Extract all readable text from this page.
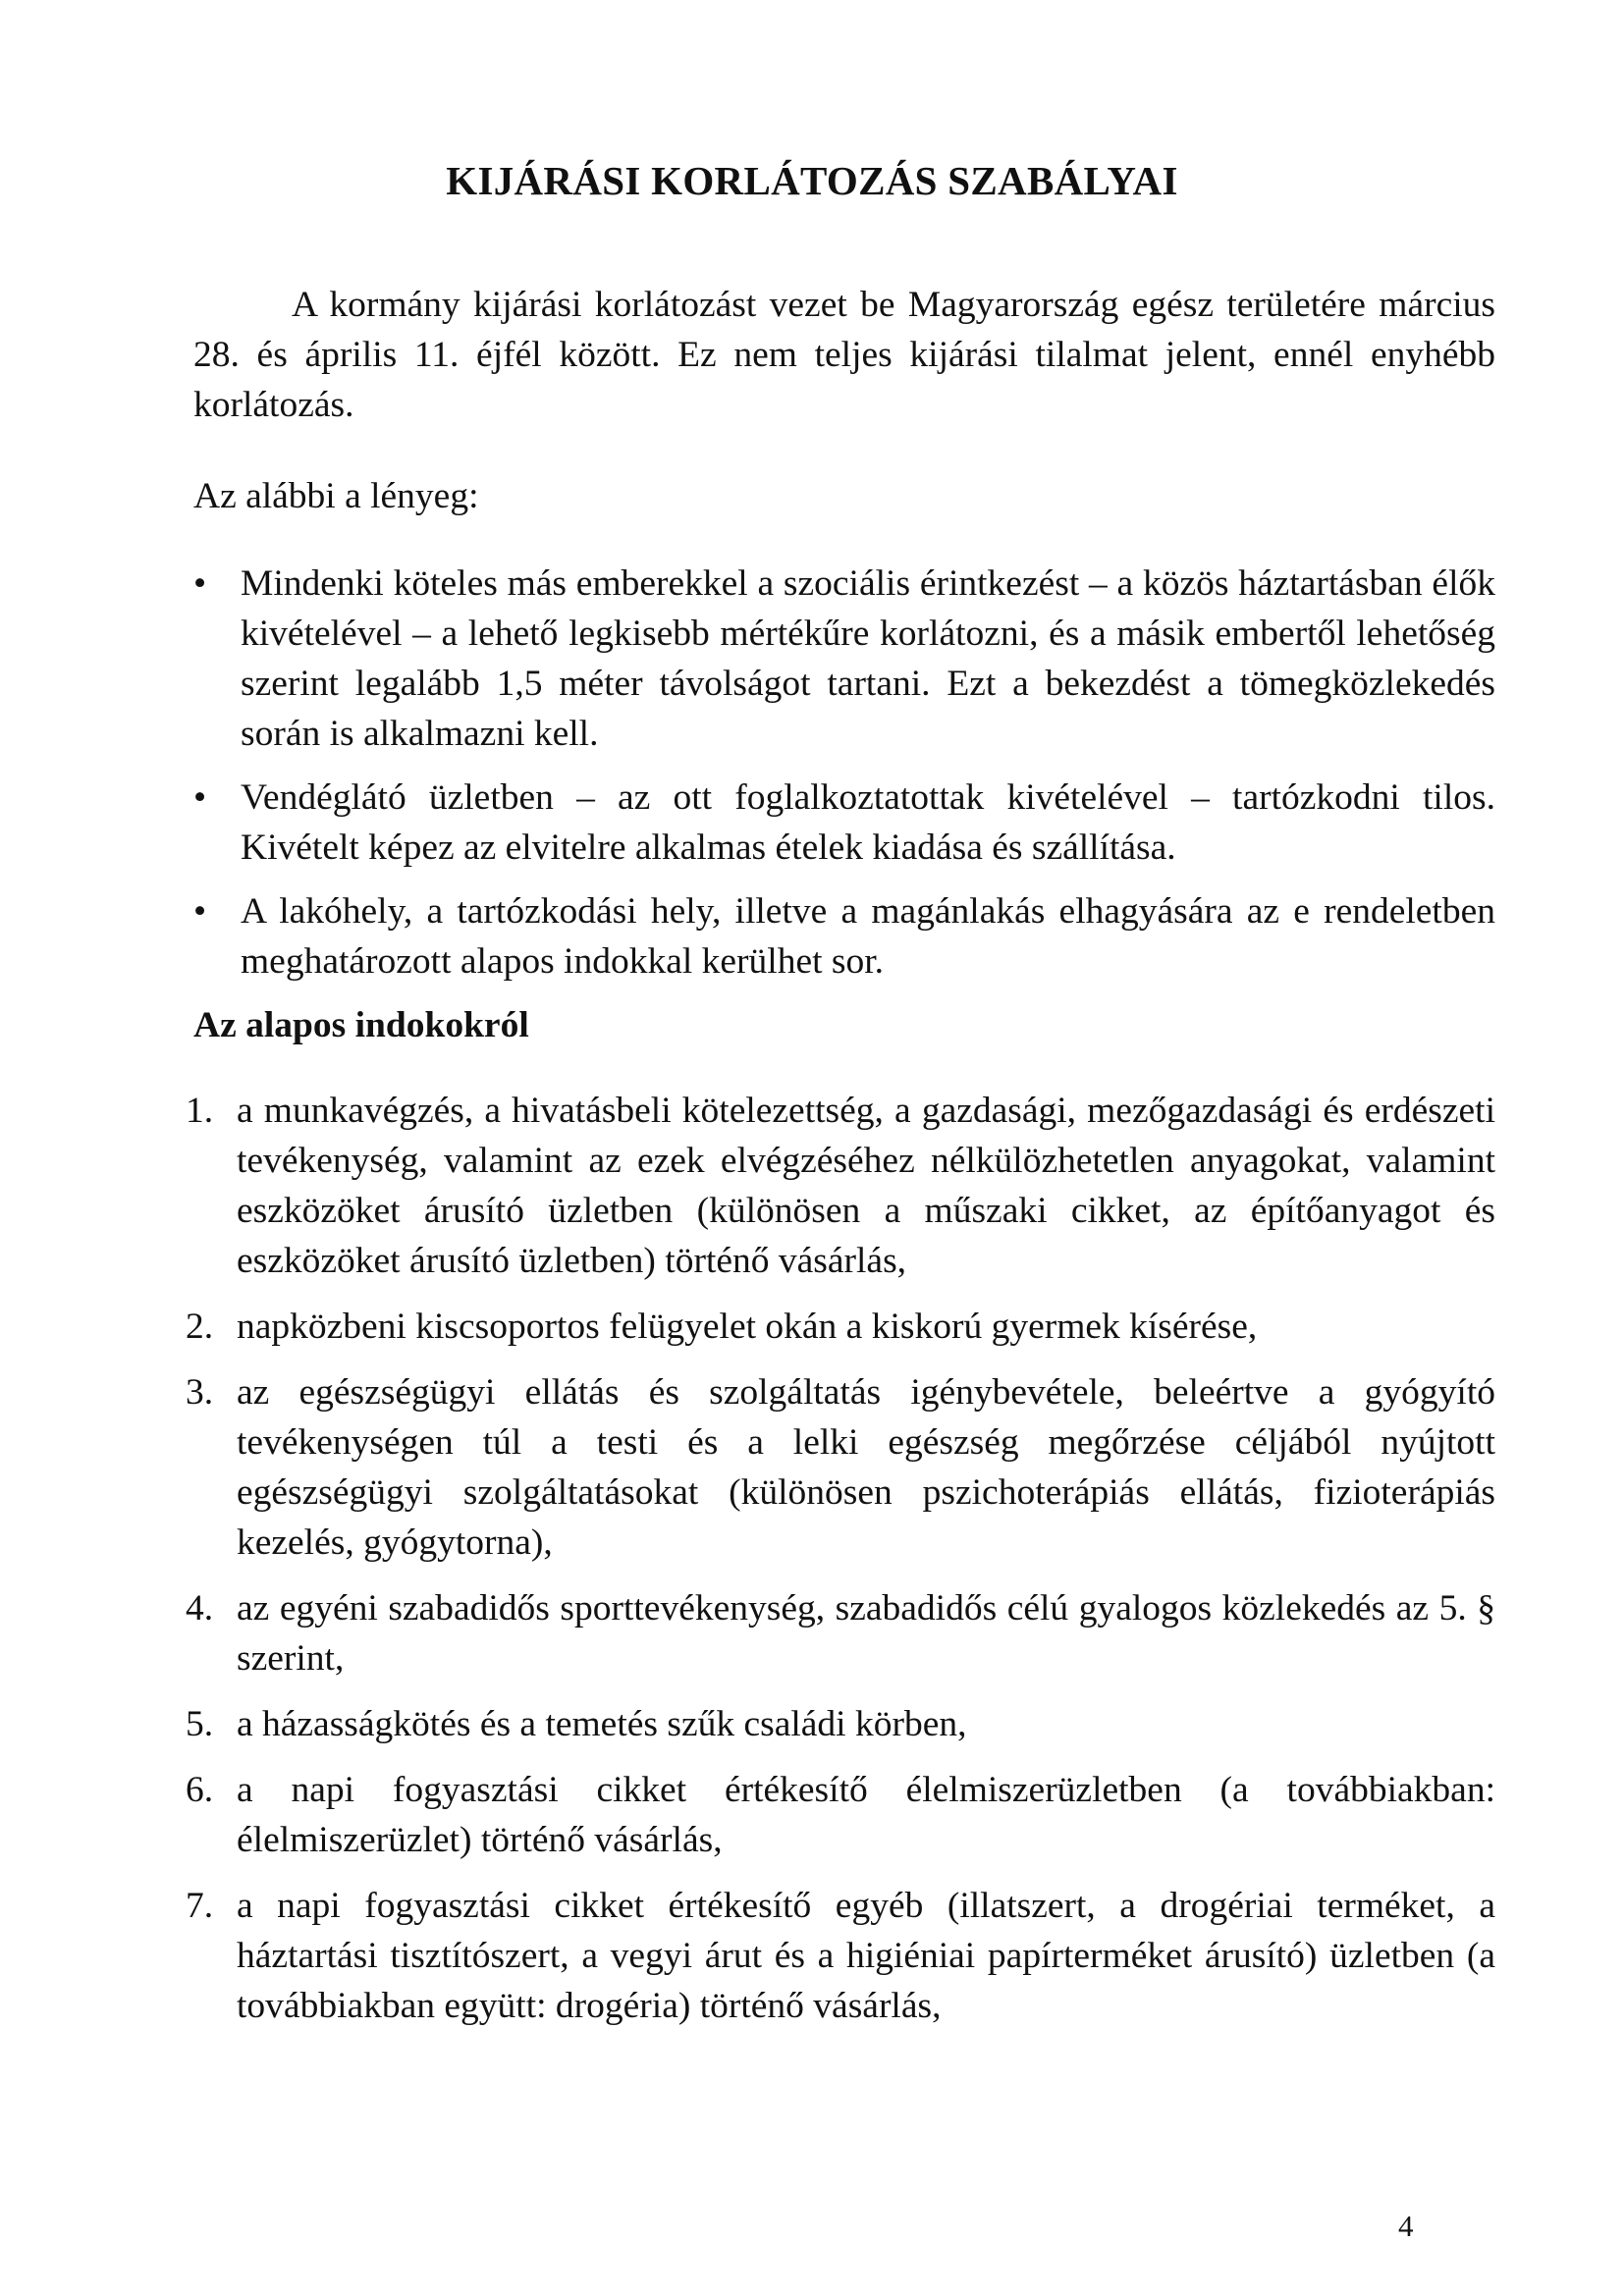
KIJÁRÁSI KORLÁTOZÁS SZABÁLYAI

A kormány kijárási korlátozást vezet be Magyarország egész területére március 28. és április 11. éjfél között. Ez nem teljes kijárási tilalmat jelent, ennél enyhébb korlátozás.

Az alábbi a lényeg:

• Mindenki köteles más emberekkel a szociális érintkezést – a közös háztartásban élők kivételével – a lehető legkisebb mértékűre korlátozni, és a másik embertől lehetőség szerint legalább 1,5 méter távolságot tartani. Ezt a bekezdést a tömegközlekedés során is alkalmazni kell.
• Vendéglátó üzletben – az ott foglalkoztatottak kivételével – tartózkodni tilos. Kivételt képez az elvitelre alkalmas ételek kiadása és szállítása.
• A lakóhely, a tartózkodási hely, illetve a magánlakás elhagyására az e rendeletben meghatározott alapos indokkal kerülhet sor.

Az alapos indokokról

1. a munkavégzés, a hivatásbeli kötelezettség, a gazdasági, mezőgazdasági és erdészeti tevékenység, valamint az ezek elvégzéséhez nélkülözhetetlen anyagokat, valamint eszközöket árusító üzletben (különösen a műszaki cikket, az építőanyagot és eszközöket árusító üzletben) történő vásárlás,
2. napközbeni kiscsoportos felügyelet okán a kiskorú gyermek kísérése,
3. az egészségügyi ellátás és szolgáltatás igénybevétele, beleértve a gyógyító tevékenységen túl a testi és a lelki egészség megőrzése céljából nyújtott egészségügyi szolgáltatásokat (különösen pszichoterápiás ellátás, fizioterápiás kezelés, gyógytorna),
4. az egyéni szabadidős sporttevékenység, szabadidős célú gyalogos közlekedés az 5. § szerint,
5. a házasságkötés és a temetés szűk családi körben,
6. a napi fogyasztási cikket értékesítő élelmiszerüzletben (a továbbiakban: élelmiszerüzlet) történő vásárlás,
7. a napi fogyasztási cikket értékesítő egyéb (illatszert, a drogériai terméket, a háztartási tisztítószert, a vegyi árut és a higiéniai papírterméket árusító) üzletben (a továbbiakban együtt: drogéria) történő vásárlás,
4
